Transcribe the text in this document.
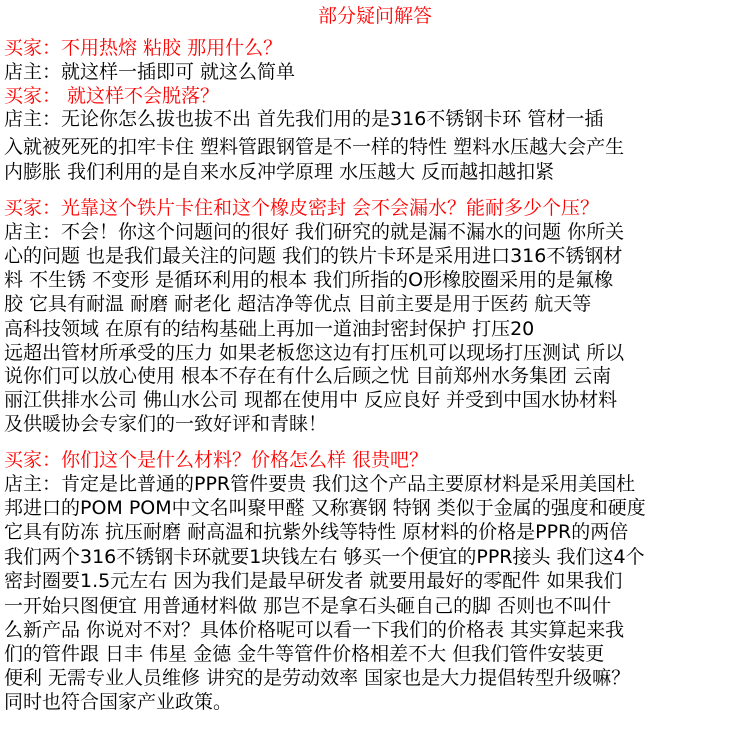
部分疑问解答
买家：不用热熔 粘胶 那用什么？
店主：就这样一插即可 就这么简单
买家： 就这样不会脱落？
店主：无论你怎么拔也拔不出 首先我们用的是316不锈钢卡环 管材一插
入就被死死的扣牢卡住 塑料管跟钢管是不一样的特性 塑料水压越大会产生
内膨胀 我们利用的是自来水反冲学原理 水压越大 反而越扣越扣紧
买家：光靠这个铁片卡住和这个橡皮密封 会不会漏水？能耐多少个压？
店主：不会！你这个问题问的很好 我们研究的就是漏不漏水的问题 你所关
心的问题 也是我们最关注的问题 我们的铁片卡环是采用进口316不锈钢材
料 不生锈 不变形 是循环利用的根本 我们所指的O形橡胶圈采用的是氟橡
胶 它具有耐温 耐磨 耐老化 超洁净等优点 目前主要是用于医药 航天等
高科技领域 在原有的结构基础上再加一道油封密封保护 打压20
远超出管材所承受的压力 如果老板您这边有打压机可以现场打压测试 所以
说你们可以放心使用 根本不存在有什么后顾之忧 目前郑州水务集团 云南
丽江供排水公司 佛山水公司 现都在使用中 反应良好 并受到中国水协材料
及供暖协会专家们的一致好评和青睐！
买家：你们这个是什么材料？价格怎么样 很贵吧？
店主：肯定是比普通的PPR管件要贵 我们这个产品主要原材料是采用美国杜
邦进口的POM POM中文名叫聚甲醛 又称赛钢 特钢 类似于金属的强度和硬度
它具有防冻 抗压耐磨 耐高温和抗紫外线等特性 原材料的价格是PPR的两倍
我们两个316不锈钢卡环就要1块钱左右 够买一个便宜的PPR接头 我们这4个
密封圈要1.5元左右 因为我们是最早研发者 就要用最好的零配件 如果我们
一开始只图便宜 用普通材料做 那岂不是拿石头砸自己的脚 否则也不叫什
么新产品 你说对不对？具体价格呢可以看一下我们的价格表 其实算起来我
们的管件跟 日丰 伟星 金德 金牛等管件价格相差不大 但我们管件安装更
便利 无需专业人员维修 讲究的是劳动效率 国家也是大力提倡转型升级嘛？
同时也符合国家产业政策。
